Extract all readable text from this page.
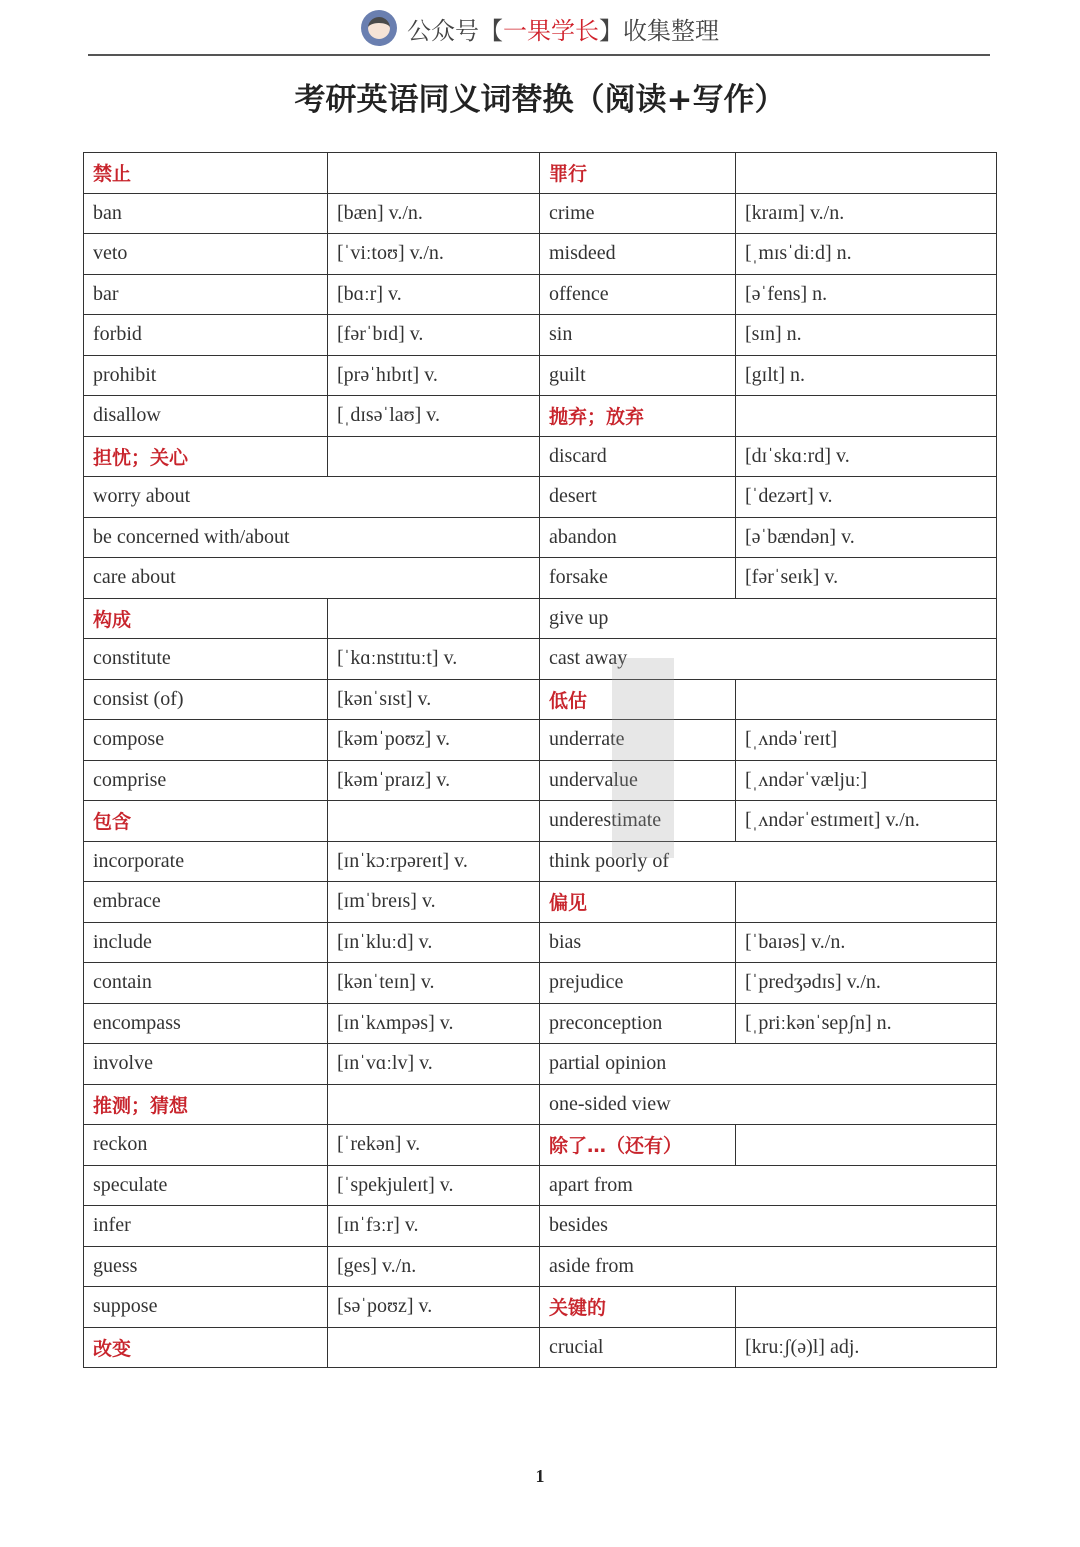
公众号【一果学长】收集整理
考研英语同义词替换（阅读+写作）
禁止		罪行	
ban	[bæn] v./n.	crime	[kraɪm] v./n.
veto	[ˈviːtoʊ] v./n.	misdeed	[ˌmɪsˈdiːd] n.
bar	[bɑːr] v.	offence	[əˈfens] n.
forbid	[fərˈbɪd] v.	sin	[sɪn] n.
prohibit	[prəˈhɪbɪt] v.	guilt	[gɪlt] n.
disallow	[ˌdɪsəˈlaʊ] v.	抛弃；放弃	
担忧；关心		discard	[dɪˈskɑːrd] v.
worry about		desert	[ˈdezərt] v.
be concerned with/about		abandon	[əˈbændən] v.
care about		forsake	[fərˈseɪk] v.
构成		give up	
constitute	[ˈkɑːnstɪtuːt] v.	cast away	
consist (of)	[kənˈsɪst] v.	低估	
compose	[kəmˈpoʊz] v.	underrate	[ˌʌndəˈreɪt]
comprise	[kəmˈpraɪz] v.	undervalue	[ˌʌndərˈvæljuː]
包含		underestimate	[ˌʌndərˈestɪmeɪt] v./n.
incorporate	[ɪnˈkɔːrpəreɪt] v.	think poorly of	
embrace	[ɪmˈbreɪs] v.	偏见	
include	[ɪnˈkluːd] v.	bias	[ˈbaɪəs] v./n.
contain	[kənˈteɪn] v.	prejudice	[ˈpredʒədɪs] v./n.
encompass	[ɪnˈkʌmpəs] v.	preconception	[ˌpriːkənˈsepʃn] n.
involve	[ɪnˈvɑːlv] v.	partial opinion	
推测；猜想		one-sided view	
reckon	[ˈrekən] v.	除了…（还有）	
speculate	[ˈspekjuleɪt] v.	apart from	
infer	[ɪnˈfɜːr] v.	besides	
guess	[ges] v./n.	aside from	
suppose	[səˈpoʊz] v.	关键的	
改变		crucial	[kruːʃ(ə)l] adj.
1
